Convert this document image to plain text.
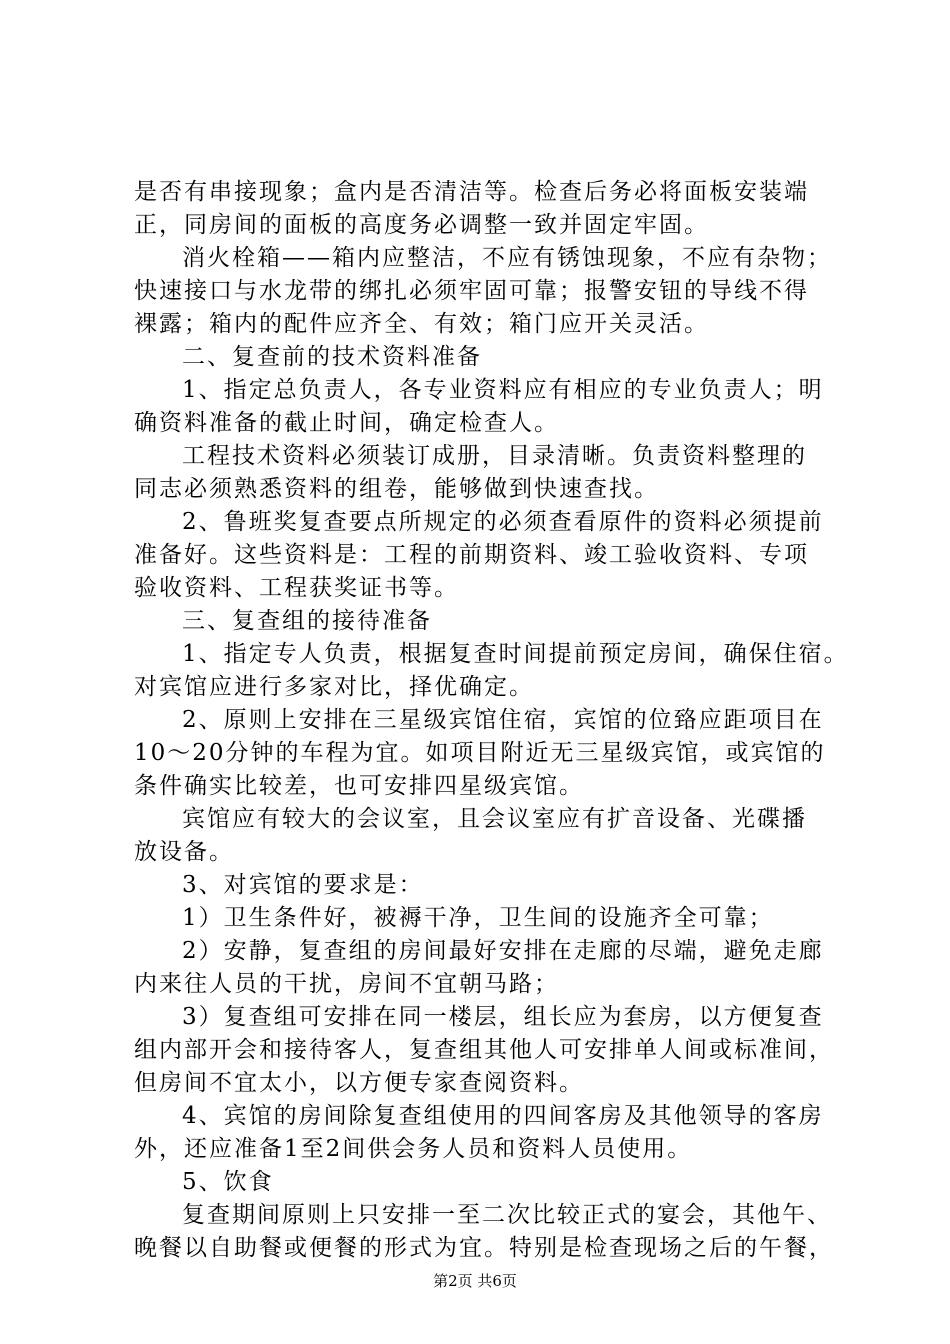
是否有串接现象；盒内是否清洁等。检查后务必将面板安装端
正，同房间的面板的高度务必调整一致并固定牢固。
消火栓箱——箱内应整洁，不应有锈蚀现象，不应有杂物；
快速接口与水龙带的绑扎必须牢固可靠；报警安钮的导线不得
裸露；箱内的配件应齐全、有效；箱门应开关灵活。
二、复查前的技术资料准备
1、指定总负责人，各专业资料应有相应的专业负责人；明
确资料准备的截止时间，确定检查人。
工程技术资料必须装订成册，目录清晰。负责资料整理的
同志必须熟悉资料的组卷，能够做到快速查找。
2、鲁班奖复查要点所规定的必须查看原件的资料必须提前
准备好。这些资料是：工程的前期资料、竣工验收资料、专项
验收资料、工程获奖证书等。
三、复查组的接待准备
1、指定专人负责，根据复查时间提前预定房间，确保住宿。
对宾馆应进行多家对比，择优确定。
2、原则上安排在三星级宾馆住宿，宾馆的位臵应距项目在
10～20分钟的车程为宜。如项目附近无三星级宾馆，或宾馆的
条件确实比较差，也可安排四星级宾馆。
宾馆应有较大的会议室，且会议室应有扩音设备、光碟播
放设备。
3、对宾馆的要求是：
1）卫生条件好，被褥干净，卫生间的设施齐全可靠；
2）安静，复查组的房间最好安排在走廊的尽端，避免走廊
内来往人员的干扰，房间不宜朝马路；
3）复查组可安排在同一楼层，组长应为套房，以方便复查
组内部开会和接待客人，复查组其他人可安排单人间或标准间，
但房间不宜太小，以方便专家查阅资料。
4、宾馆的房间除复查组使用的四间客房及其他领导的客房
外，还应准备1至2间供会务人员和资料人员使用。
5、饮食
复查期间原则上只安排一至二次比较正式的宴会，其他午、
晚餐以自助餐或便餐的形式为宜。特别是检查现场之后的午餐，
第2页 共6页
